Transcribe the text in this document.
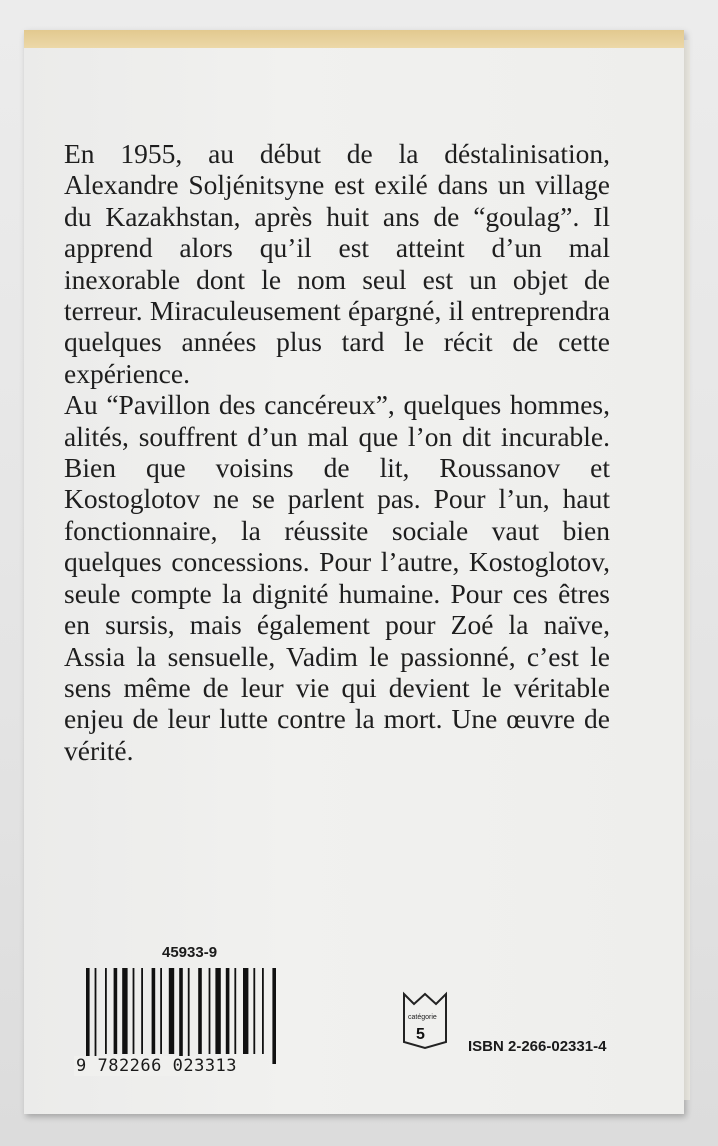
En 1955, au début de la déstalinisation, Alexandre Soljénitsyne est exilé dans un village du Kazakhstan, après huit ans de “goulag”. Il apprend alors qu’il est atteint d’un mal inexorable dont le nom seul est un objet de terreur. Miraculeusement épargné, il entreprendra quelques années plus tard le récit de cette expérience.

Au “Pavillon des cancéreux”, quelques hommes, alités, souffrent d’un mal que l’on dit incurable. Bien que voisins de lit, Roussanov et Kostoglotov ne se parlent pas. Pour l’un, haut fonctionnaire, la réussite sociale vaut bien quelques concessions. Pour l’autre, Kostoglotov, seule compte la dignité humaine. Pour ces êtres en sursis, mais également pour Zoé la naïve, Assia la sensuelle, Vadim le passionné, c’est le sens même de leur vie qui devient le véritable enjeu de leur lutte contre la mort. Une œuvre de vérité.

45933-9
9 782266 023313
catégorie
5
ISBN 2-266-02331-4
